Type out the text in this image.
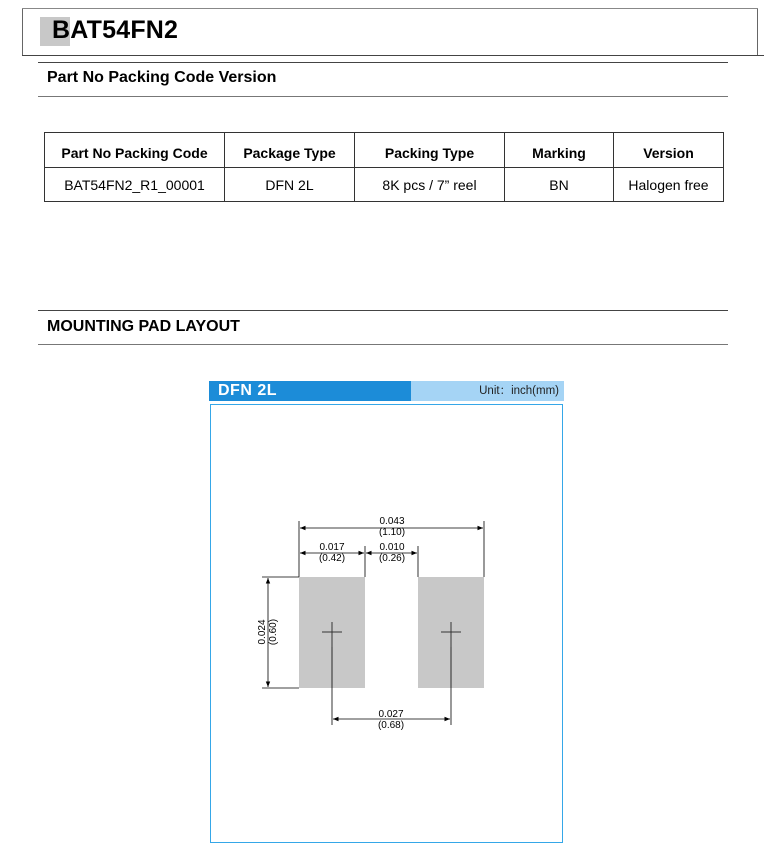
BAT54FN2
Part No Packing Code Version
Part No Packing Code	Package Type	Packing Type	Marking	Version
BAT54FN2_R1_00001	DFN 2L	8K pcs / 7” reel	BN	Halogen free
MOUNTING PAD LAYOUT
DFN 2L	Unit：inch(mm)
0.043
(1.10)
0.017
(0.42)
0.010
(0.26)
0.027
(0.68)
0.024 (0.60)
